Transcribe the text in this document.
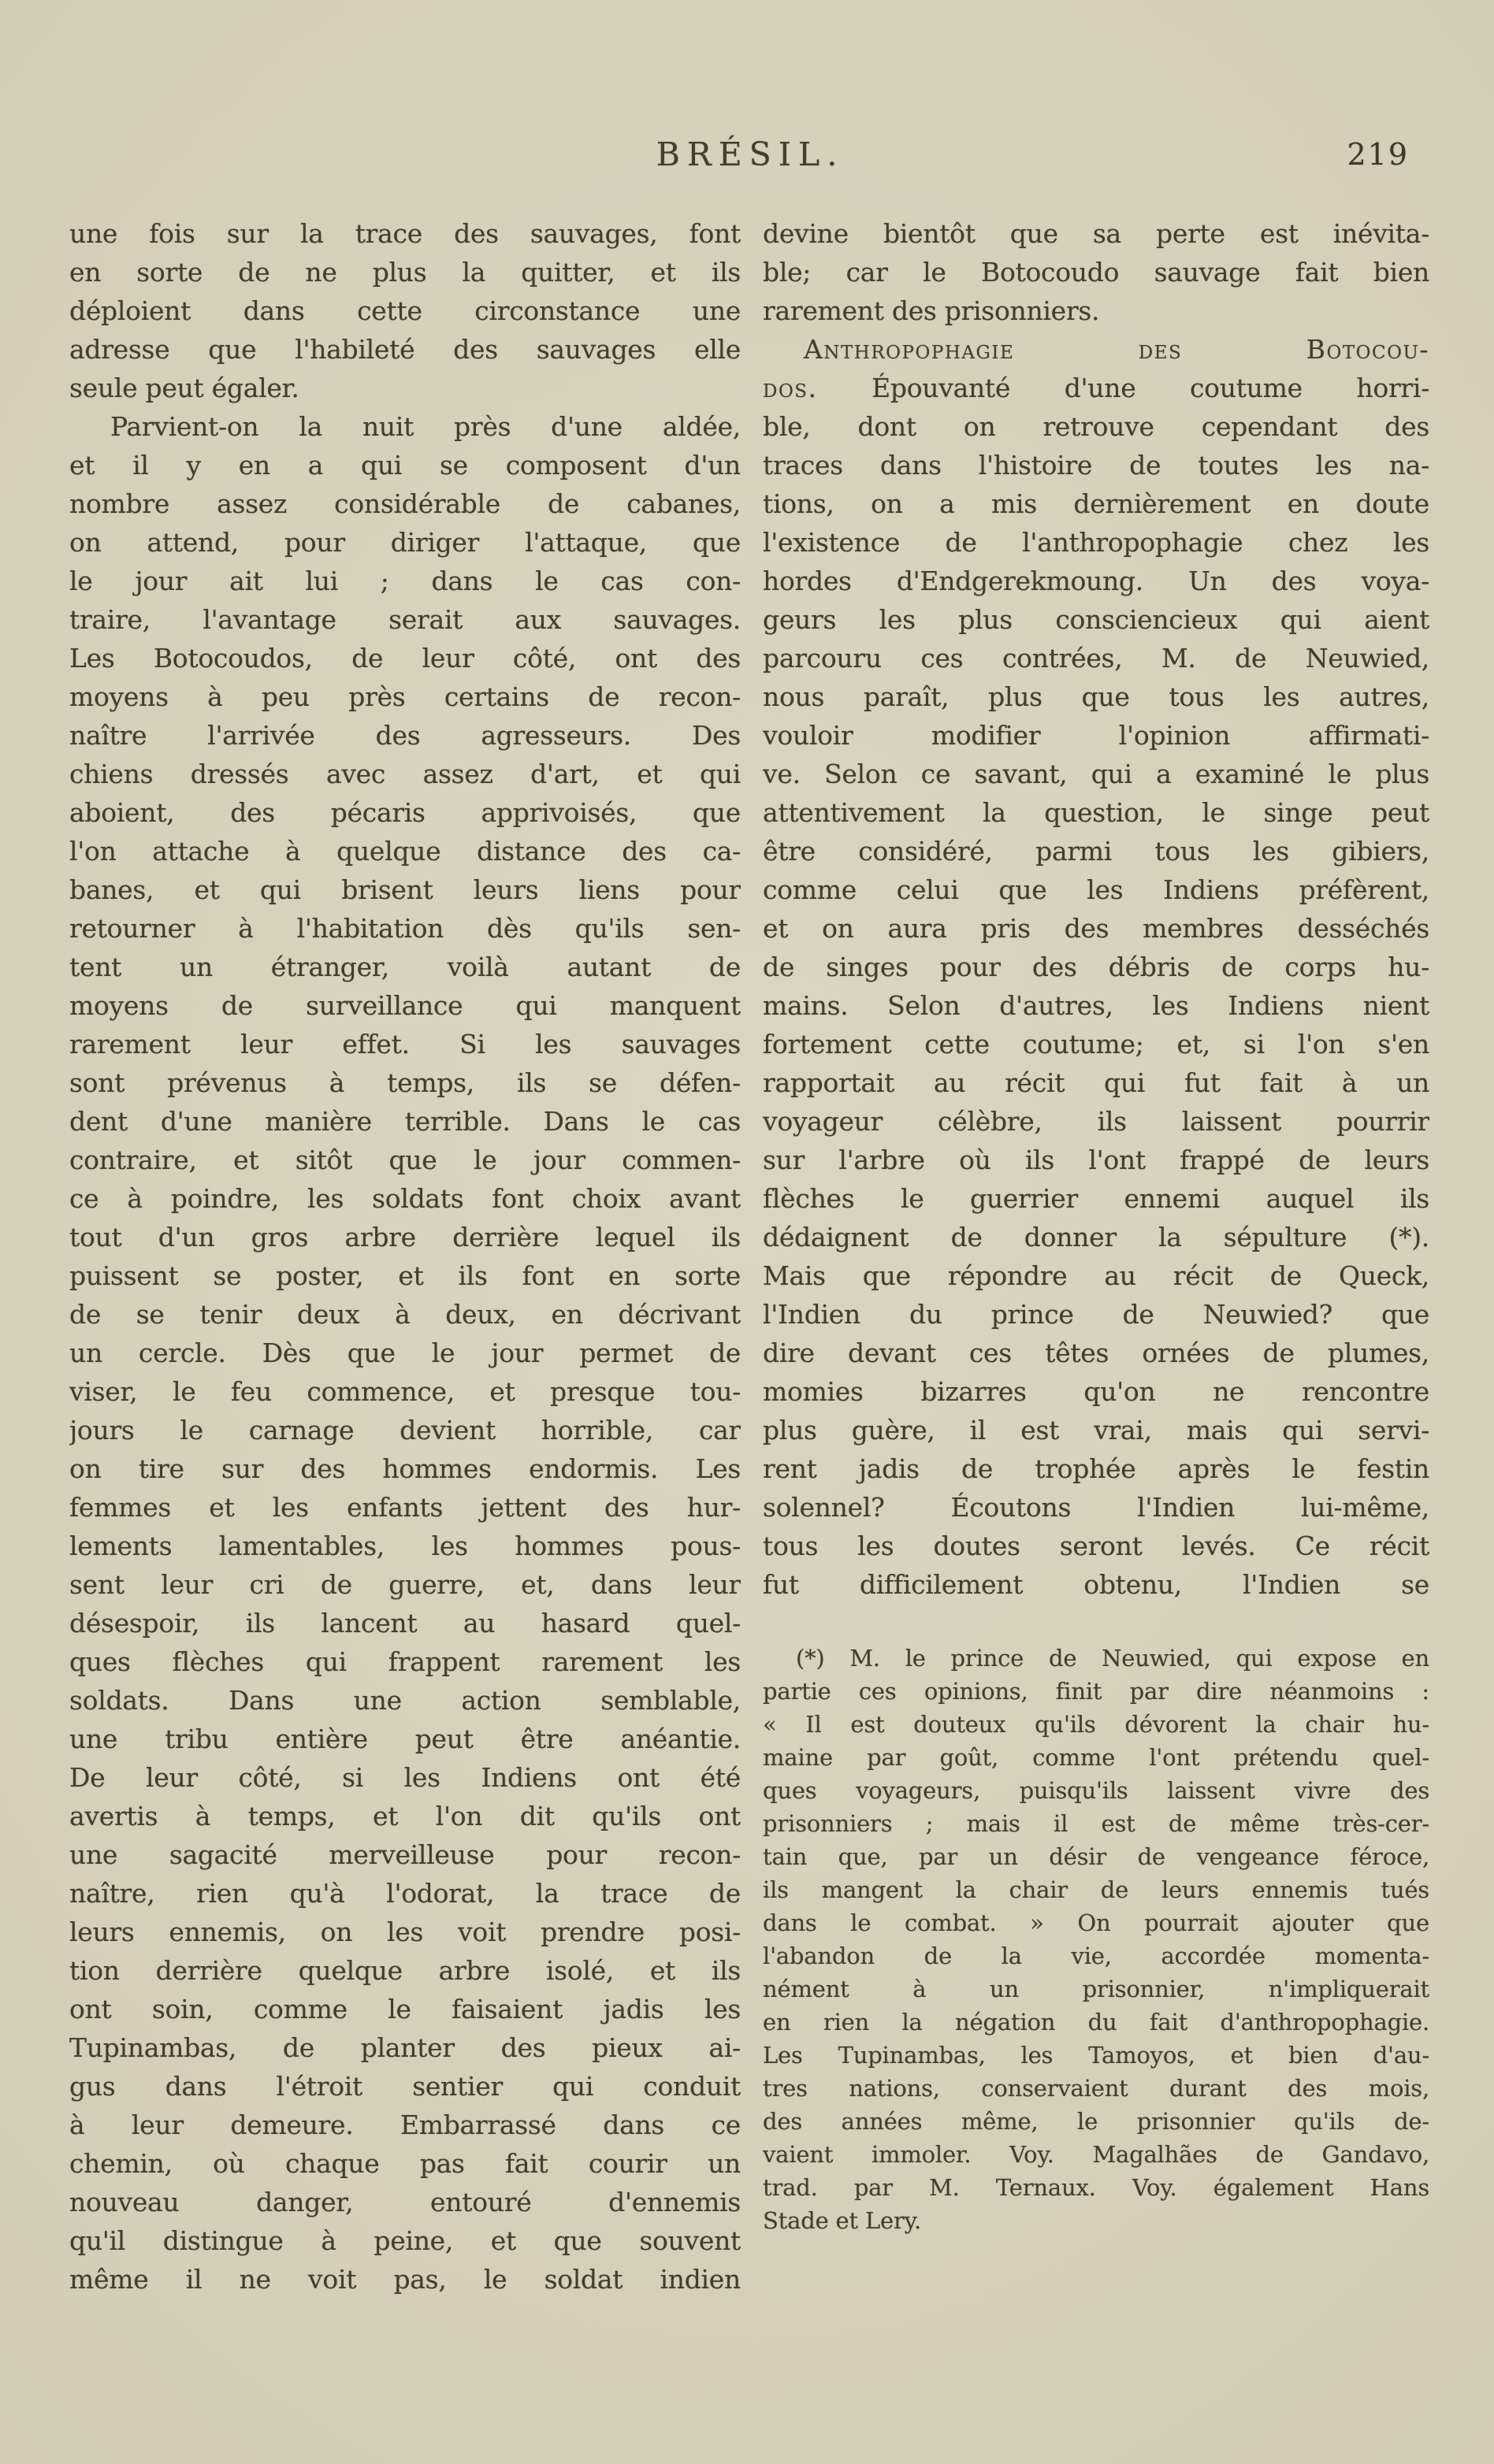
BRÉSIL.	219
une fois sur la trace des sauvages, font
en sorte de ne plus la quitter, et ils
déploient dans cette circonstance une
adresse que l'habileté des sauvages elle
seule peut égaler.
Parvient-on la nuit près d'une aldée,
et il y en a qui se composent d'un
nombre assez considérable de cabanes,
on attend, pour diriger l'attaque, que
le jour ait lui ; dans le cas con-
traire, l'avantage serait aux sauvages.
Les Botocoudos, de leur côté, ont des
moyens à peu près certains de recon-
naître l'arrivée des agresseurs. Des
chiens dressés avec assez d'art, et qui
aboient, des pécaris apprivoisés, que
l'on attache à quelque distance des ca-
banes, et qui brisent leurs liens pour
retourner à l'habitation dès qu'ils sen-
tent un étranger, voilà autant de
moyens de surveillance qui manquent
rarement leur effet. Si les sauvages
sont prévenus à temps, ils se défen-
dent d'une manière terrible. Dans le cas
contraire, et sitôt que le jour commen-
ce à poindre, les soldats font choix avant
tout d'un gros arbre derrière lequel ils
puissent se poster, et ils font en sorte
de se tenir deux à deux, en décrivant
un cercle. Dès que le jour permet de
viser, le feu commence, et presque tou-
jours le carnage devient horrible, car
on tire sur des hommes endormis. Les
femmes et les enfants jettent des hur-
lements lamentables, les hommes pous-
sent leur cri de guerre, et, dans leur
désespoir, ils lancent au hasard quel-
ques flèches qui frappent rarement les
soldats. Dans une action semblable,
une tribu entière peut être anéantie.
De leur côté, si les Indiens ont été
avertis à temps, et l'on dit qu'ils ont
une sagacité merveilleuse pour recon-
naître, rien qu'à l'odorat, la trace de
leurs ennemis, on les voit prendre posi-
tion derrière quelque arbre isolé, et ils
ont soin, comme le faisaient jadis les
Tupinambas, de planter des pieux ai-
gus dans l'étroit sentier qui conduit
à leur demeure. Embarrassé dans ce
chemin, où chaque pas fait courir un
nouveau danger, entouré d'ennemis
qu'il distingue à peine, et que souvent
même il ne voit pas, le soldat indien
devine bientôt que sa perte est inévita-
ble; car le Botocoudo sauvage fait bien
rarement des prisonniers.
Anthropophagie des Botocou-
dos. Épouvanté d'une coutume horri-
ble, dont on retrouve cependant des
traces dans l'histoire de toutes les na-
tions, on a mis dernièrement en doute
l'existence de l'anthropophagie chez les
hordes d'Endgerekmoung. Un des voya-
geurs les plus consciencieux qui aient
parcouru ces contrées, M. de Neuwied,
nous paraît, plus que tous les autres,
vouloir modifier l'opinion affirmati-
ve. Selon ce savant, qui a examiné le plus
attentivement la question, le singe peut
être considéré, parmi tous les gibiers,
comme celui que les Indiens préfèrent,
et on aura pris des membres desséchés
de singes pour des débris de corps hu-
mains. Selon d'autres, les Indiens nient
fortement cette coutume; et, si l'on s'en
rapportait au récit qui fut fait à un
voyageur célèbre, ils laissent pourrir
sur l'arbre où ils l'ont frappé de leurs
flèches le guerrier ennemi auquel ils
dédaignent de donner la sépulture (*).
Mais que répondre au récit de Queck,
l'Indien du prince de Neuwied? que
dire devant ces têtes ornées de plumes,
momies bizarres qu'on ne rencontre
plus guère, il est vrai, mais qui servi-
rent jadis de trophée après le festin
solennel? Écoutons l'Indien lui-même,
tous les doutes seront levés. Ce récit
fut difficilement obtenu, l'Indien se
(*) M. le prince de Neuwied, qui expose en
partie ces opinions, finit par dire néanmoins :
« Il est douteux qu'ils dévorent la chair hu-
maine par goût, comme l'ont prétendu quel-
ques voyageurs, puisqu'ils laissent vivre des
prisonniers ; mais il est de même très-cer-
tain que, par un désir de vengeance féroce,
ils mangent la chair de leurs ennemis tués
dans le combat. » On pourrait ajouter que
l'abandon de la vie, accordée momenta-
nément à un prisonnier, n'impliquerait
en rien la négation du fait d'anthropophagie.
Les Tupinambas, les Tamoyos, et bien d'au-
tres nations, conservaient durant des mois,
des années même, le prisonnier qu'ils de-
vaient immoler. Voy. Magalhães de Gandavo,
trad. par M. Ternaux. Voy. également Hans
Stade et Lery.
